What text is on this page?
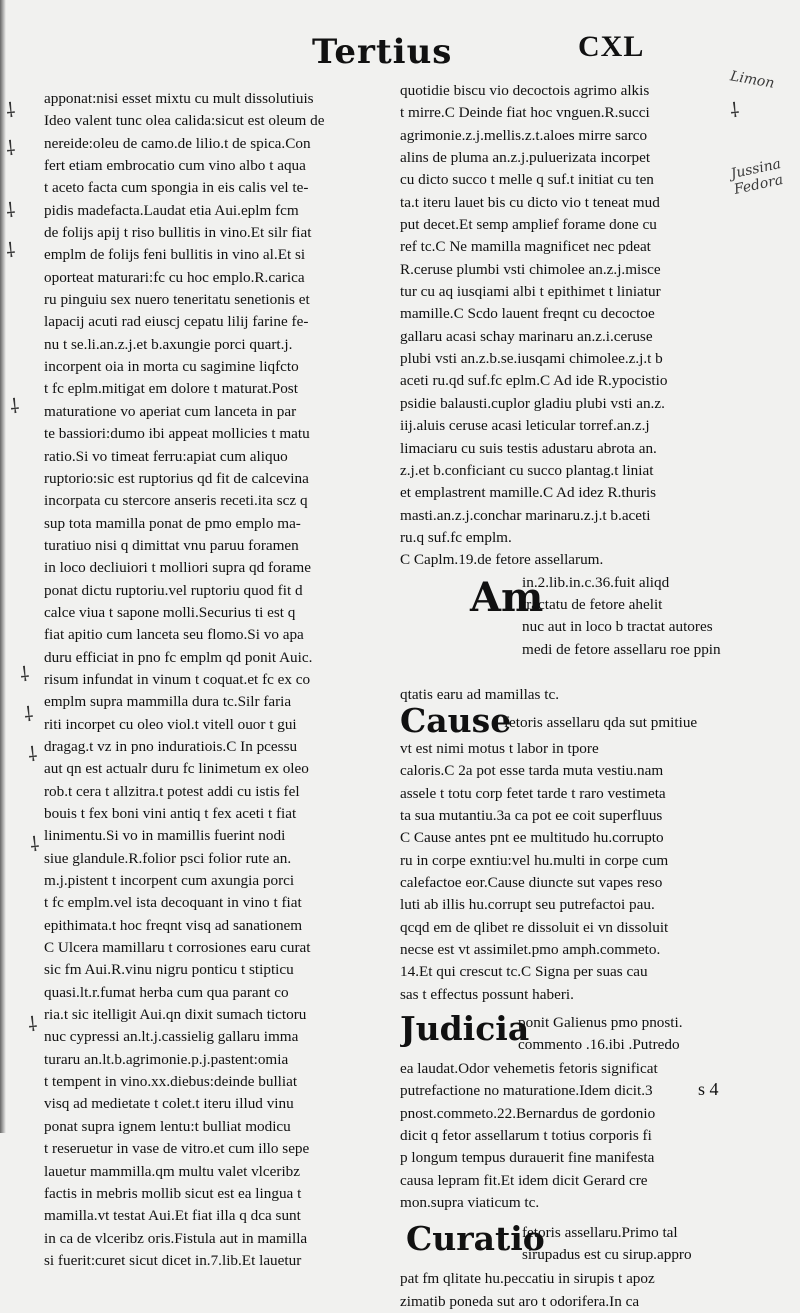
Tertius	CXL
apponat:nisi esset mixtu cu mult dissolutiuis
Ideo valent tunc olea calida:sicut est oleum de
nereide:oleu de camo.de lilio.t de spica.Con
fert etiam embrocatio cum vino albo t aqua
t aceto facta cum spongia in eis calis vel te-
pidis madefacta.Laudat etia Aui.eplm fcm
de folijs apij t riso bullitis in vino.Et silr fiat
emplm de folijs feni bullitis in vino al.Et si
oporteat maturari:fc cu hoc emplo.R.carica
ru pinguiu sex nuero teneritatu senetionis et
lapacij acuti rad eiuscj cepatu lilij farine fe-
nu t se.li.an.z.j.et b.axungie porci quart.j.
incorpent oia in morta cu sagimine liqfcto
t fc eplm.mitigat em dolore t maturat.Post
maturatione vo aperiat cum lanceta in par
te bassiori:dumo ibi appeat mollicies t matu
ratio.Si vo timeat ferru:apiat cum aliquo
ruptorio:sic est ruptorius qd fit de calcevina
incorpata cu stercore anseris receti.ita scz q
sup tota mamilla ponat de pmo emplo ma-
turatiuo nisi q dimittat vnu paruu foramen
in loco decliuiori t molliori supra qd forame
ponat dictu ruptoriu.vel ruptoriu quod fit d
calce viua t sapone molli.Securius ti est q
fiat apitio cum lanceta seu flomo.Si vo apa
duru efficiat in pno fc emplm qd ponit Auic.
risum infundat in vinum t coquat.et fc ex co
emplm supra mammilla dura tc.Silr faria
riti incorpet cu oleo viol.t vitell ouor t gui
dragag.t vz in pno induratiois.C In pcessu
aut qn est actualr duru fc linimetum ex oleo
rob.t cera t allzitra.t potest addi cu istis fel
bouis t fex boni vini antiq t fex aceti t fiat
linimentu.Si vo in mamillis fuerint nodi
siue glandule.R.folior psci folior rute an.
m.j.pistent t incorpent cum axungia porci
t fc emplm.vel ista decoquant in vino t fiat
epithimata.t hoc freqnt visq ad sanationem
C Ulcera mamillaru t corrosiones earu curat
sic fm Aui.R.vinu nigru ponticu t stipticu
quasi.lt.r.fumat herba cum qua parant co
ria.t sic itelligit Aui.qn dixit sumach tictoru
nuc cypressi an.lt.j.cassielig gallaru imma
turaru an.lt.b.agrimonie.p.j.pastent:omia
t tempent in vino.xx.diebus:deinde bulliat
visq ad medietate t colet.t iteru illud vinu
ponat supra ignem lentu:t bulliat modicu
t reseruetur in vase de vitro.et cum illo sepe
lauetur mammilla.qm multu valet vlceribz
factis in mebris mollib sicut est ea lingua t
mamilla.vt testat Aui.Et fiat illa q dca sunt
in ca de vlceribz oris.Fistula aut in mamilla
si fuerit:curet sicut dicet in.7.lib.Et lauetur
quotidie biscu vio decoctois agrimo alkis
t mirre.C Deinde fiat hoc vnguen.R.succi
agrimonie.z.j.mellis.z.t.aloes mirre sarco
alins de pluma an.z.j.puluerizata incorpet
cu dicto succo t melle q suf.t initiat cu ten
ta.t iteru lauet bis cu dicto vio t teneat mud
put decet.Et semp amplief forame done cu
ref tc.C Ne mamilla magnificet nec pdeat
R.ceruse plumbi vsti chimolee an.z.j.misce
tur cu aq iusqiami albi t epithimet t liniatur
mamille.C Scdo lauent freqnt cu decoctoe
gallaru acasi schay marinaru an.z.i.ceruse
plubi vsti an.z.b.se.iusqami chimolee.z.j.t b
aceti ru.qd suf.fc eplm.C Ad ide R.ypocistio
psidie balausti.cuplor gladiu plubi vsti an.z.
iij.aluis ceruse acasi leticular torref.an.z.j
limaciaru cu suis testis adustaru abrota an.
z.j.et b.conficiant cu succo plantag.t liniat
et emplastrent mamille.C Ad idez R.thuris
masti.an.z.j.conchar marinaru.z.j.t b.aceti
ru.q suf.fc emplm.
C Caplm.19.de fetore assellarum.
Am
in.2.lib.in.c.36.fuit aliqd
tractatu de fetore ahelit
nuc aut in loco b tractat autores
medi de fetore assellaru roe ppin
qtatis earu ad mamillas tc.
Cause
fetoris assellaru qda sut pmitiue
vt est nimi motus t labor in tpore
caloris.C 2a pot esse tarda muta vestiu.nam
assele t totu corp fetet tarde t raro vestimeta
ta sua mutantiu.3a ca pot ee coit superfluus
C Cause antes pnt ee multitudo hu.corrupto
ru in corpe exntiu:vel hu.multi in corpe cum
calefactoe eor.Cause diuncte sut vapes reso
luti ab illis hu.corrupt seu putrefactoi pau.
qcqd em de qlibet re dissoluit ei vn dissoluit
necse est vt assimilet.pmo amph.commeto.
14.Et qui crescut tc.C Signa per suas cau
sas t effectus possunt haberi.
Judicia
ponit Galienus pmo pnosti.
commento .16.ibi .Putredo
ea laudat.Odor vehemetis fetoris significat
putrefactione no maturatione.Idem dicit.3
pnost.commeto.22.Bernardus de gordonio
dicit q fetor assellarum t totius corporis fi
p longum tempus durauerit fine manifesta
causa lepram fit.Et idem dicit Gerard cre
mon.supra viaticum tc.
Curatio
fetoris assellaru.Primo tal
sirupadus est cu sirup.appro
pat fm qlitate hu.peccatiu in sirupis t apoz
zimatib poneda sut aro t odorifera.In ca
s 4
Limon
Jussina Fedora
⸸
⸸
⸸
⸸
⸸
⸸
⸸
⸸
⸸
⸸
⸸
